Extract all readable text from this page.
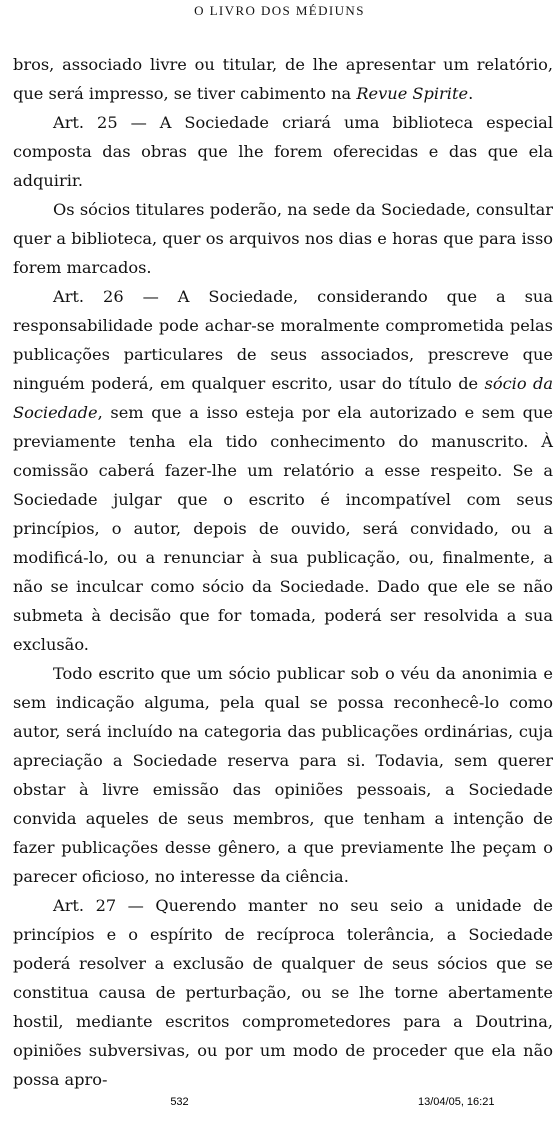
O LIVRO DOS MÉDIUNS

bros, associado livre ou titular, de lhe apresentar um relatório, que será impresso, se tiver cabimento na Revue Spirite.

Art. 25 — A Sociedade criará uma biblioteca especial composta das obras que lhe forem oferecidas e das que ela adquirir.

Os sócios titulares poderão, na sede da Sociedade, consultar quer a biblioteca, quer os arquivos nos dias e horas que para isso forem marcados.

Art. 26 — A Sociedade, considerando que a sua responsabilidade pode achar-se moralmente comprometida pelas publicações particulares de seus associados, prescreve que ninguém poderá, em qualquer escrito, usar do título de sócio da Sociedade, sem que a isso esteja por ela autorizado e sem que previamente tenha ela tido conhecimento do manuscrito. À comissão caberá fazer-lhe um relatório a esse respeito. Se a Sociedade julgar que o escrito é incompatível com seus princípios, o autor, depois de ouvido, será convidado, ou a modificá-lo, ou a renunciar à sua publicação, ou, finalmente, a não se inculcar como sócio da Sociedade. Dado que ele se não submeta à decisão que for tomada, poderá ser resolvida a sua exclusão.

Todo escrito que um sócio publicar sob o véu da anonimia e sem indicação alguma, pela qual se possa reconhecê-lo como autor, será incluído na categoria das publicações ordinárias, cuja apreciação a Sociedade reserva para si. Todavia, sem querer obstar à livre emissão das opiniões pessoais, a Sociedade convida aqueles de seus membros, que tenham a intenção de fazer publicações desse gênero, a que previamente lhe peçam o parecer oficioso, no interesse da ciência.

Art. 27 — Querendo manter no seu seio a unidade de princípios e o espírito de recíproca tolerância, a Sociedade poderá resolver a exclusão de qualquer de seus sócios que se constitua causa de perturbação, ou se lhe torne abertamente hostil, mediante escritos comprometedores para a Doutrina, opiniões subversivas, ou por um modo de proceder que ela não possa apro-

532	13/04/05, 16:21
